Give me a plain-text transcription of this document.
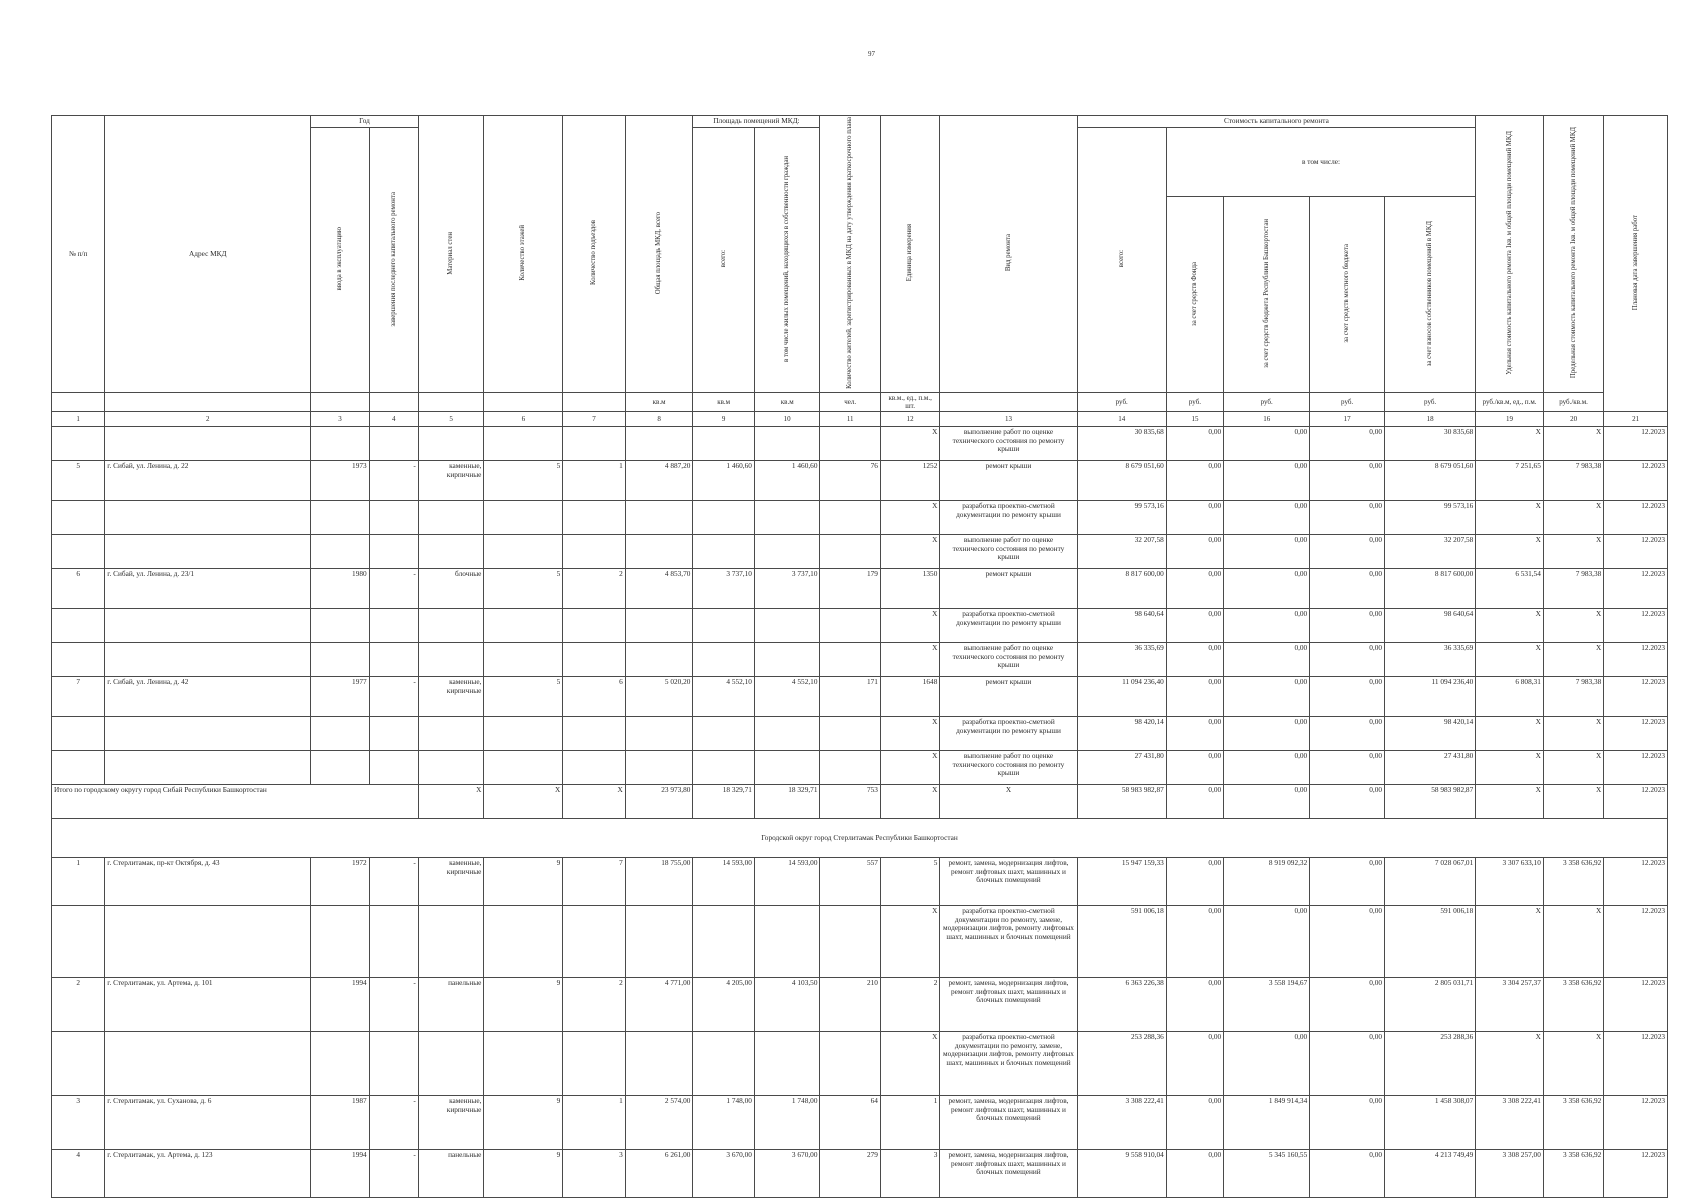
97
№ п/п	Адрес МКД	Год		Материал стен	Количество этажей	Количество подъездов	Общая площадь МКД, всего	Площадь помещений МКД:		Количество жителей, зарегистрированных в МКД на дату утверждения краткосрочного плана	Единица измерения	Вид ремонта	Стоимость капитального ремонта					Удельная стоимость капитального ремонта 1кв. м общей площади помещений МКД	Предельная стоимость капитального ремонта 1кв. м общей площади помещений МКД	Плановая дата завершения работ
		ввода в эксплуатацию	завершения последнего капитального ремонта					всего:	в том числе жилых помещений, находящихся в собственности граждан				всего:	в том числе:						
														за счет средств Фонда	за счет средств бюджета Республики Башкортостан	за счет средств местного бюджета	за счет взносов собственников помещений в МКД			
							кв.м	кв.м	кв.м	чел.	кв.м., ед., п.м., шт.		руб.	руб.	руб.	руб.	руб.	руб./кв.м, ед., п.м.	руб./кв.м.	
1	2	3	4	5	6	7	8	9	10	11	12	13	14	15	16	17	18	19	20	21
											X	выполнение работ по оценке технического состояния по ремонту крыши	30 835,68	0,00	0,00	0,00	30 835,68	X	X	12.2023
5	г. Сибай, ул. Ленина, д. 22	1973	-	каменные, кирпичные	5	1	4 887,20	1 460,60	1 460,60	76	1252	ремонт крыши	8 679 051,60	0,00	0,00	0,00	8 679 051,60	7 251,65	7 983,38	12.2023
											X	разработка проектно-сметной документации по ремонту крыши	99 573,16	0,00	0,00	0,00	99 573,16	X	X	12.2023
											X	выполнение работ по оценке технического состояния по ремонту крыши	32 207,58	0,00	0,00	0,00	32 207,58	X	X	12.2023
6	г. Сибай, ул. Ленина, д. 23/1	1980	-	блочные	5	2	4 853,70	3 737,10	3 737,10	179	1350	ремонт крыши	8 817 600,00	0,00	0,00	0,00	8 817 600,00	6 531,54	7 983,38	12.2023
											X	разработка проектно-сметной документации по ремонту крыши	98 640,64	0,00	0,00	0,00	98 640,64	X	X	12.2023
											X	выполнение работ по оценке технического состояния по ремонту крыши	36 335,69	0,00	0,00	0,00	36 335,69	X	X	12.2023
7	г. Сибай, ул. Ленина, д. 42	1977	-	каменные, кирпичные	5	6	5 020,20	4 552,10	4 552,10	171	1648	ремонт крыши	11 094 236,40	0,00	0,00	0,00	11 094 236,40	6 808,31	7 983,38	12.2023
											X	разработка проектно-сметной документации по ремонту крыши	98 420,14	0,00	0,00	0,00	98 420,14	X	X	12.2023
											X	выполнение работ по оценке технического состояния по ремонту крыши	27 431,80	0,00	0,00	0,00	27 431,80	X	X	12.2023
Итого по городскому округу город Сибай Республики Башкортостан				X	X	X	23 973,80	18 329,71	18 329,71	753	X	X	58 983 982,87	0,00	0,00	0,00	58 983 982,87	X	X	12.2023
Городской округ город Стерлитамак Республики Башкортостан																				
1	г. Стерлитамак, пр-кт Октября, д. 43	1972	-	каменные, кирпичные	9	7	18 755,00	14 593,00	14 593,00	557	5	ремонт, замена, модернизация лифтов, ремонт лифтовых шахт, машинных и блочных помещений	15 947 159,33	0,00	8 919 092,32	0,00	7 028 067,01	3 307 633,10	3 358 636,92	12.2023
											X	разработка проектно-сметной документации по ремонту, замене, модернизации лифтов, ремонту лифтовых шахт, машинных и блочных помещений	591 006,18	0,00	0,00	0,00	591 006,18	X	X	12.2023
2	г. Стерлитамак, ул. Артема, д. 101	1994	-	панельные	9	2	4 771,00	4 205,00	4 103,50	210	2	ремонт, замена, модернизация лифтов, ремонт лифтовых шахт, машинных и блочных помещений	6 363 226,38	0,00	3 558 194,67	0,00	2 805 031,71	3 304 257,37	3 358 636,92	12.2023
											X	разработка проектно-сметной документации по ремонту, замене, модернизации лифтов, ремонту лифтовых шахт, машинных и блочных помещений	253 288,36	0,00	0,00	0,00	253 288,36	X	X	12.2023
3	г. Стерлитамак, ул. Суханова, д. 6	1987	-	каменные, кирпичные	9	1	2 574,00	1 748,00	1 748,00	64	1	ремонт, замена, модернизация лифтов, ремонт лифтовых шахт, машинных и блочных помещений	3 308 222,41	0,00	1 849 914,34	0,00	1 458 308,07	3 308 222,41	3 358 636,92	12.2023
4	г. Стерлитамак, ул. Артема, д. 123	1994	-	панельные	9	3	6 261,00	3 670,00	3 670,00	279	3	ремонт, замена, модернизация лифтов, ремонт лифтовых шахт, машинных и блочных помещений	9 558 910,04	0,00	5 345 160,55	0,00	4 213 749,49	3 308 257,00	3 358 636,92	12.2023
